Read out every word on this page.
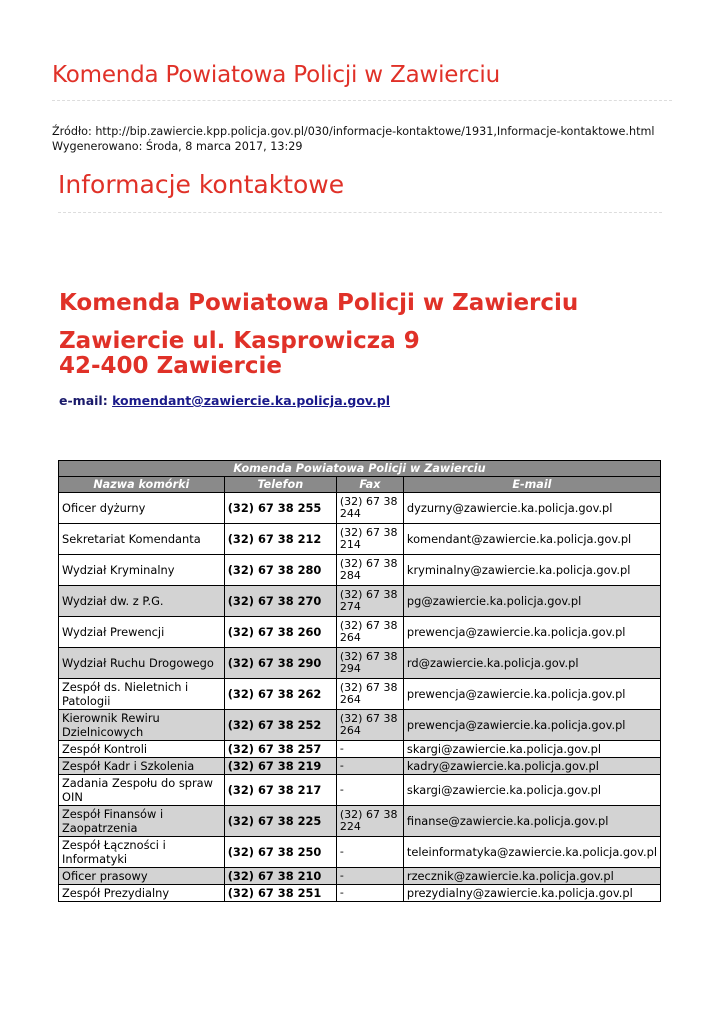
Komenda Powiatowa Policji w Zawierciu
Źródło: http://bip.zawiercie.kpp.policja.gov.pl/030/informacje-kontaktowe/1931,Informacje-kontaktowe.html
Wygenerowano: Środa, 8 marca 2017, 13:29
Informacje kontaktowe
Komenda Powiatowa Policji w Zawierciu
Zawiercie ul. Kasprowicza 9
42-400 Zawiercie
e-mail: komendant@zawiercie.ka.policja.gov.pl
Komenda Powiatowa Policji w Zawierciu			
Nazwa komórki	Telefon	Fax	E-mail
Oficer dyżurny	(32) 67 38 255	(32) 67 38 244	dyzurny@zawiercie.ka.policja.gov.pl
Sekretariat Komendanta	(32) 67 38 212	(32) 67 38 214	komendant@zawiercie.ka.policja.gov.pl
Wydział Kryminalny	(32) 67 38 280	(32) 67 38 284	kryminalny@zawiercie.ka.policja.gov.pl
Wydział dw. z P.G.	(32) 67 38 270	(32) 67 38 274	pg@zawiercie.ka.policja.gov.pl
Wydział Prewencji	(32) 67 38 260	(32) 67 38 264	prewencja@zawiercie.ka.policja.gov.pl
Wydział Ruchu Drogowego	(32) 67 38 290	(32) 67 38 294	rd@zawiercie.ka.policja.gov.pl
Zespół ds. Nieletnich i Patologii	(32) 67 38 262	(32) 67 38 264	prewencja@zawiercie.ka.policja.gov.pl
Kierownik Rewiru Dzielnicowych	(32) 67 38 252	(32) 67 38 264	prewencja@zawiercie.ka.policja.gov.pl
Zespół Kontroli	(32) 67 38 257	-	skargi@zawiercie.ka.policja.gov.pl
Zespół Kadr i Szkolenia	(32) 67 38 219	-	kadry@zawiercie.ka.policja.gov.pl
Zadania Zespołu do spraw OIN	(32) 67 38 217	-	skargi@zawiercie.ka.policja.gov.pl
Zespół Finansów i Zaopatrzenia	(32) 67 38 225	(32) 67 38 224	finanse@zawiercie.ka.policja.gov.pl
Zespół Łączności i Informatyki	(32) 67 38 250	-	teleinformatyka@zawiercie.ka.policja.gov.pl
Oficer prasowy	(32) 67 38 210	-	rzecznik@zawiercie.ka.policja.gov.pl
Zespół Prezydialny	(32) 67 38 251	-	prezydialny@zawiercie.ka.policja.gov.pl
